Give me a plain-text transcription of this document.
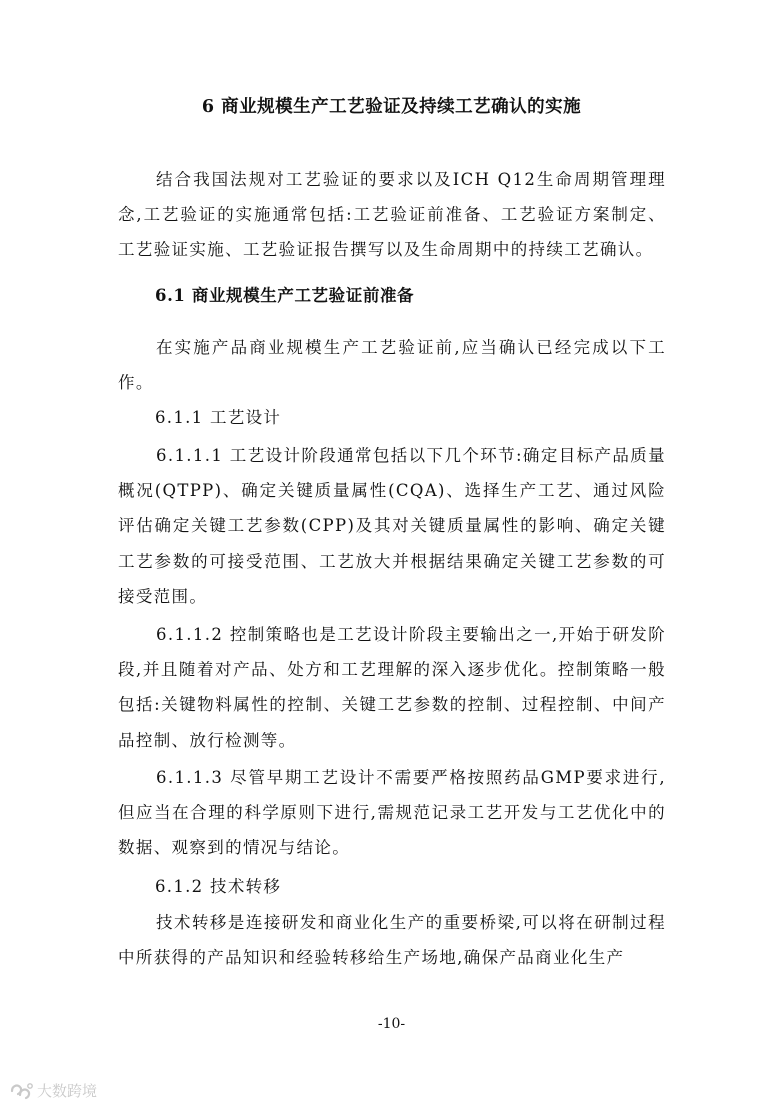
6 商业规模生产工艺验证及持续工艺确认的实施

结合我国法规对工艺验证的要求以及ICH Q12生命周期管理理念,工艺验证的实施通常包括:工艺验证前准备、工艺验证方案制定、工艺验证实施、工艺验证报告撰写以及生命周期中的持续工艺确认。

6.1 商业规模生产工艺验证前准备

在实施产品商业规模生产工艺验证前,应当确认已经完成以下工作。

6.1.1 工艺设计

6.1.1.1 工艺设计阶段通常包括以下几个环节:确定目标产品质量概况(QTPP)、确定关键质量属性(CQA)、选择生产工艺、通过风险评估确定关键工艺参数(CPP)及其对关键质量属性的影响、确定关键工艺参数的可接受范围、工艺放大并根据结果确定关键工艺参数的可接受范围。

6.1.1.2 控制策略也是工艺设计阶段主要输出之一,开始于研发阶段,并且随着对产品、处方和工艺理解的深入逐步优化。控制策略一般包括:关键物料属性的控制、关键工艺参数的控制、过程控制、中间产品控制、放行检测等。

6.1.1.3 尽管早期工艺设计不需要严格按照药品GMP要求进行,但应当在合理的科学原则下进行,需规范记录工艺开发与工艺优化中的数据、观察到的情况与结论。

6.1.2 技术转移

技术转移是连接研发和商业化生产的重要桥梁,可以将在研制过程中所获得的产品知识和经验转移给生产场地,确保产品商业化生产

-10-
大数跨境
